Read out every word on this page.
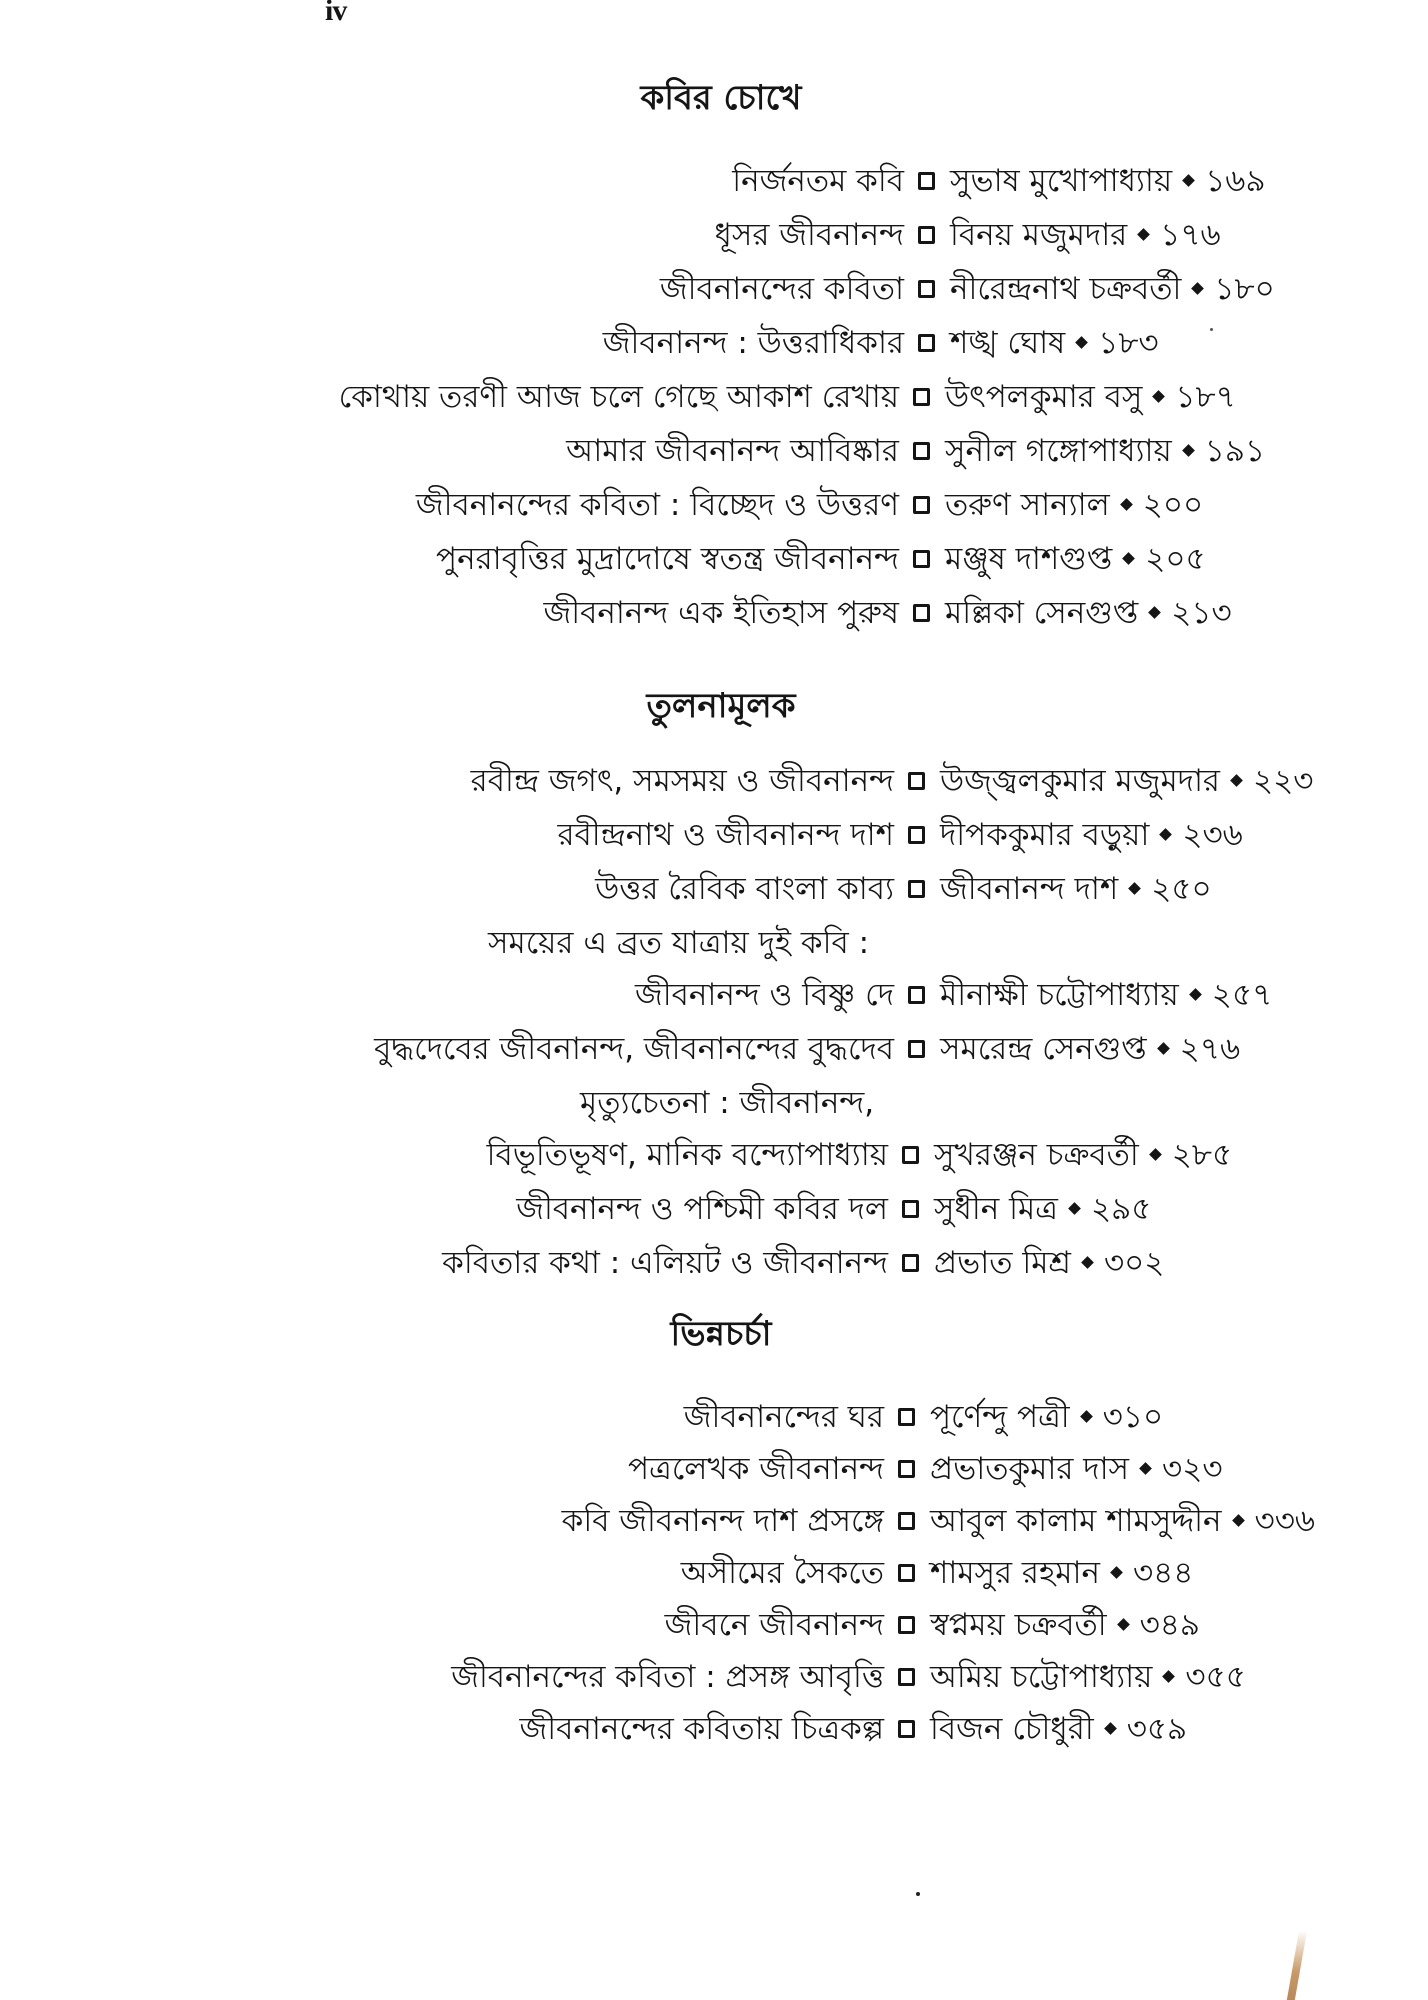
iv
কবির চোখে
নির্জনতম কবি সুভাষ মুখোপাধ্যায় ১৬৯
ধূসর জীবনানন্দ বিনয় মজুমদার ১৭৬
জীবনানন্দের কবিতা নীরেন্দ্রনাথ চক্রবর্তী ১৮০
জীবনানন্দ : উত্তরাধিকার শঙ্খ ঘোষ ১৮৩
কোথায় তরণী আজ চলে গেছে আকাশ রেখায় উৎপলকুমার বসু ১৮৭
আমার জীবনানন্দ আবিষ্কার সুনীল গঙ্গোপাধ্যায় ১৯১
জীবনানন্দের কবিতা : বিচ্ছেদ ও উত্তরণ তরুণ সান্যাল ২০০
পুনরাবৃত্তির মুদ্রাদোষে স্বতন্ত্র জীবনানন্দ মঞ্জুষ দাশগুপ্ত ২০৫
জীবনানন্দ এক ইতিহাস পুরুষ মল্লিকা সেনগুপ্ত ২১৩
তুলনামূলক
রবীন্দ্র জগৎ, সমসময় ও জীবনানন্দ উজ্জ্বলকুমার মজুমদার ২২৩
রবীন্দ্রনাথ ও জীবনানন্দ দাশ দীপককুমার বড়ুয়া ২৩৬
উত্তর রৈবিক বাংলা কাব্য জীবনানন্দ দাশ ২৫০
সময়ের এ ব্রত যাত্রায় দুই কবি :
জীবনানন্দ ও বিষ্ণু দে মীনাক্ষী চট্টোপাধ্যায় ২৫৭
বুদ্ধদেবের জীবনানন্দ, জীবনানন্দের বুদ্ধদেব সমরেন্দ্র সেনগুপ্ত ২৭৬
মৃত্যুচেতনা : জীবনানন্দ,
বিভূতিভূষণ, মানিক বন্দ্যোপাধ্যায় সুখরঞ্জন চক্রবর্তী ২৮৫
জীবনানন্দ ও পশ্চিমী কবির দল সুধীন মিত্র ২৯৫
কবিতার কথা : এলিয়ট ও জীবনানন্দ প্রভাত মিশ্র ৩০২
ভিন্নচর্চা
জীবনানন্দের ঘর পূর্ণেন্দু পত্রী ৩১০
পত্রলেখক জীবনানন্দ প্রভাতকুমার দাস ৩২৩
কবি জীবনানন্দ দাশ প্রসঙ্গে আবুল কালাম শামসুদ্দীন ৩৩৬
অসীমের সৈকতে শামসুর রহমান ৩৪৪
জীবনে জীবনানন্দ স্বপ্নময় চক্রবর্তী ৩৪৯
জীবনানন্দের কবিতা : প্রসঙ্গ আবৃত্তি অমিয় চট্টোপাধ্যায় ৩৫৫
জীবনানন্দের কবিতায় চিত্রকল্প বিজন চৌধুরী ৩৫৯
